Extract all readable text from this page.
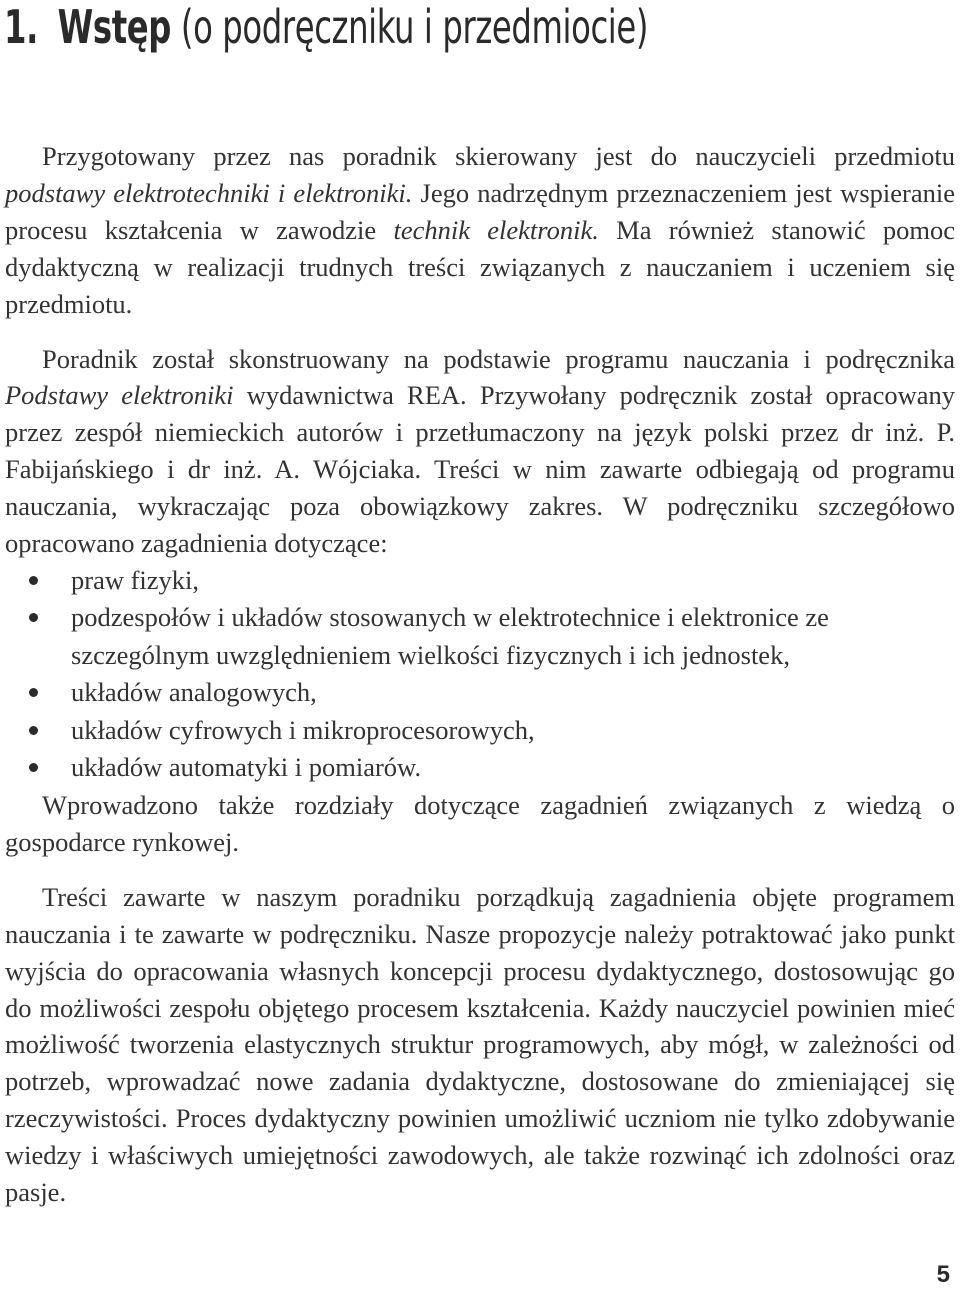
1. Wstęp (o podręczniku i przedmiocie)

Przygotowany przez nas poradnik skierowany jest do nauczycieli przedmiotu podstawy elektrotechniki i elektroniki. Jego nadrzędnym przeznaczeniem jest wspieranie procesu kształcenia w zawodzie technik elektronik. Ma również stanowić pomoc dydaktyczną w realizacji trudnych treści związanych z nauczaniem i uczeniem się przedmiotu.

Poradnik został skonstruowany na podstawie programu nauczania i podręcznika Podstawy elektroniki wydawnictwa REA. Przywołany podręcznik został opracowany przez zespół niemieckich autorów i przetłumaczony na język polski przez dr inż. P. Fabijańskiego i dr inż. A. Wójciaka. Treści w nim zawarte odbiegają od programu nauczania, wykraczając poza obowiązkowy zakres. W podręczniku szczegółowo opracowano zagadnienia dotyczące:

praw fizyki,
podzespołów i układów stosowanych w elektrotechnice i elektronice ze szczególnym uwzględnieniem wielkości fizycznych i ich jednostek,
układów analogowych,
układów cyfrowych i mikroprocesorowych,
układów automatyki i pomiarów.

Wprowadzono także rozdziały dotyczące zagadnień związanych z wiedzą o gospodarce rynkowej.

Treści zawarte w naszym poradniku porządkują zagadnienia objęte programem nauczania i te zawarte w podręczniku. Nasze propozycje należy potraktować jako punkt wyjścia do opracowania własnych koncepcji procesu dydaktycznego, dostosowując go do możliwości zespołu objętego procesem kształcenia. Każdy nauczyciel powinien mieć możliwość tworzenia elastycznych struktur programowych, aby mógł, w zależności od potrzeb, wprowadzać nowe zadania dydaktyczne, dostosowane do zmieniającej się rzeczywistości. Proces dydaktyczny powinien umożliwić uczniom nie tylko zdobywanie wiedzy i właściwych umiejętności zawodowych, ale także rozwinąć ich zdolności oraz pasje.

5
